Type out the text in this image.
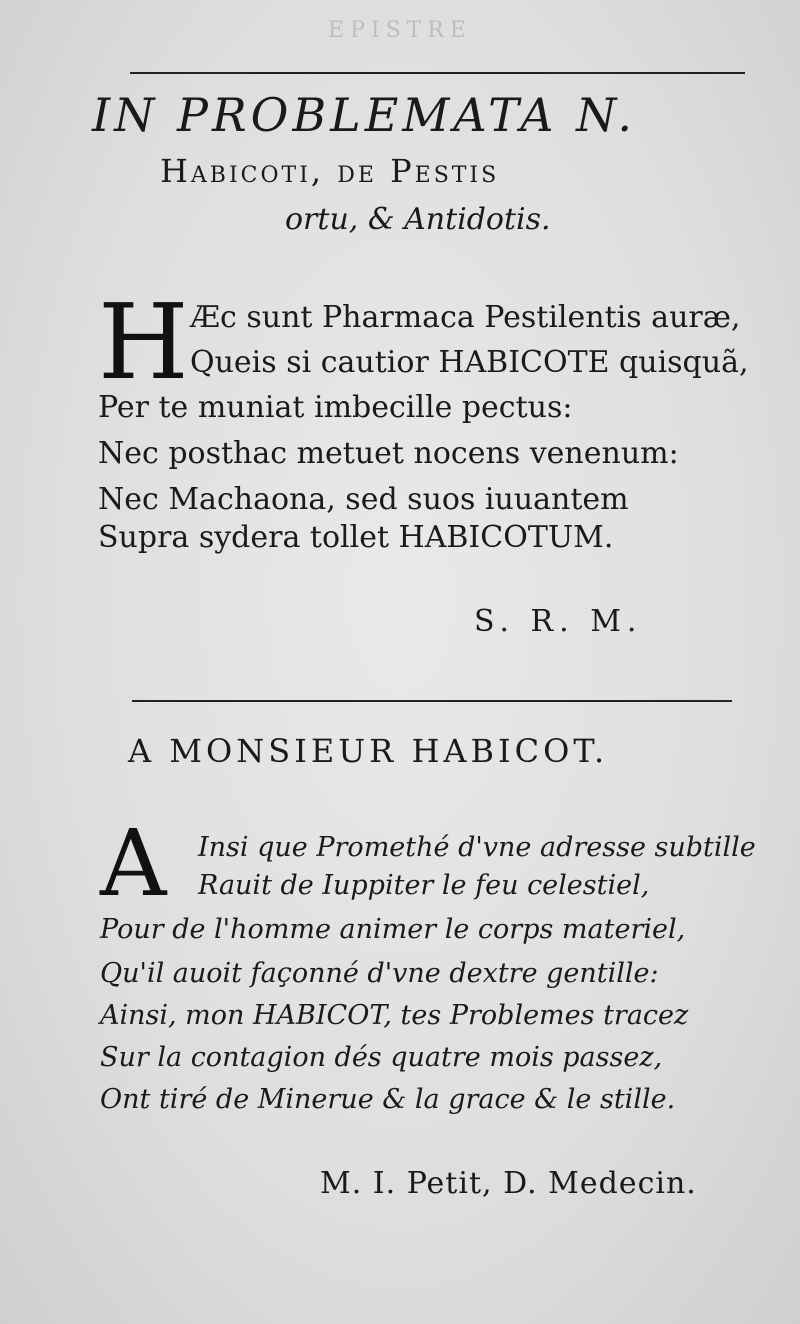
EPISTRE
IN PROBLEMATA N.
Habicoti, de Pestis
ortu, & Antidotis.
H Æc sunt Pharmaca Pestilentis auræ,
Queis si cautior HABICOTE quisquã,
Per te muniat imbecille pectus:
Nec posthac metuet nocens venenum:
Nec Machaona, sed suos iuuantem
Supra sydera tollet HABICOTUM.
S. R. M.
A MONSIEUR HABICOT.
A Insi que Promethé d'vne adresse subtille
Rauit de Iuppiter le feu celestiel,
Pour de l'homme animer le corps materiel,
Qu'il auoit façonné d'vne dextre gentille:
Ainsi, mon HABICOT, tes Problemes tracez
Sur la contagion dés quatre mois passez,
Ont tiré de Minerue & la grace & le stille.
M. I. Petit, D. Medecin.
